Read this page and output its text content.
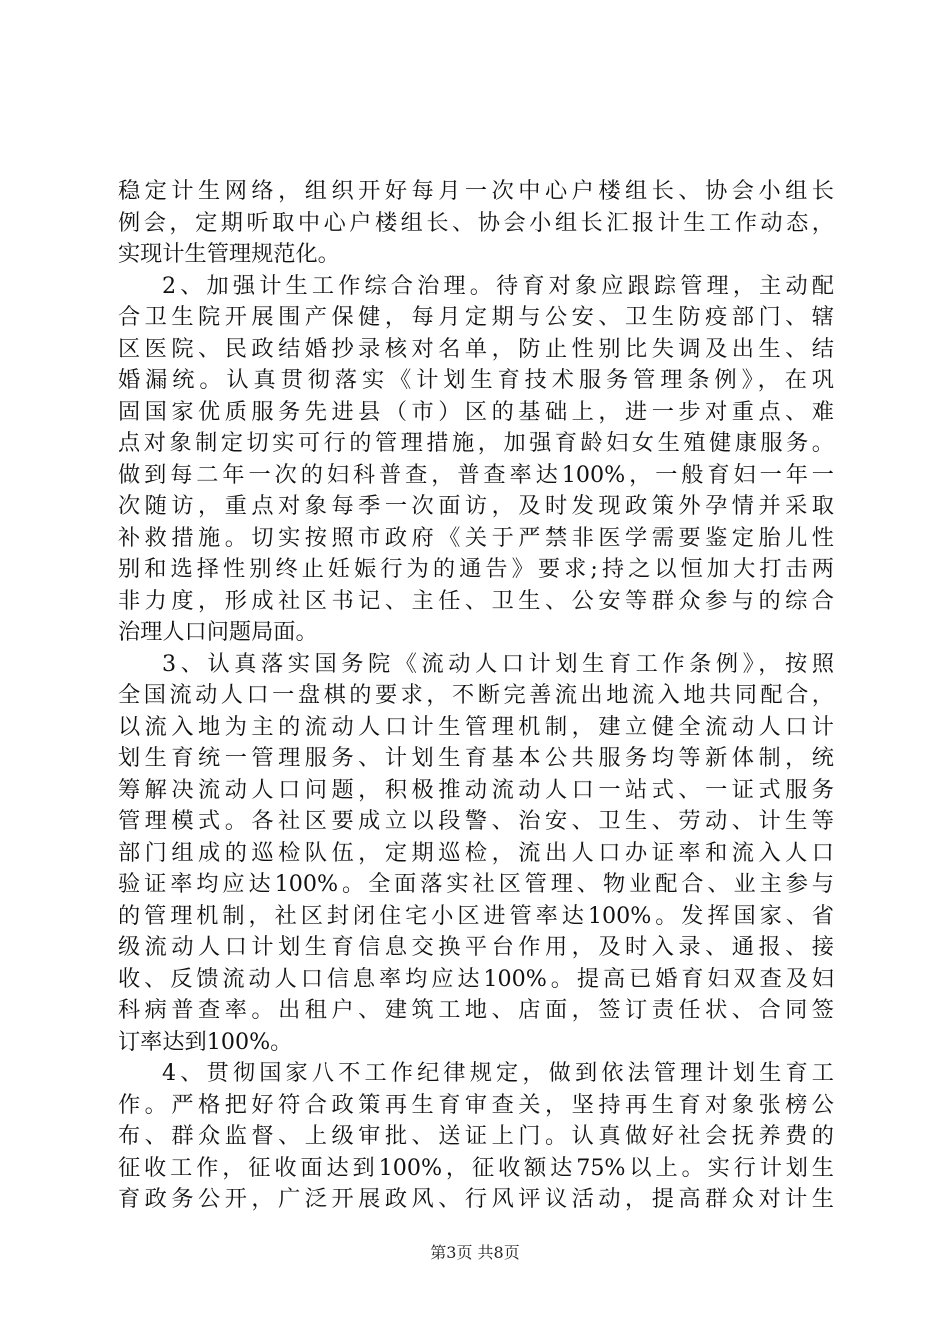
稳定计生网络，组织开好每月一次中心户楼组长、协会小组长
例会，定期听取中心户楼组长、协会小组长汇报计生工作动态，
实现计生管理规范化。
2、加强计生工作综合治理。待育对象应跟踪管理，主动配
合卫生院开展围产保健，每月定期与公安、卫生防疫部门、辖
区医院、民政结婚抄录核对名单，防止性别比失调及出生、结
婚漏统。认真贯彻落实《计划生育技术服务管理条例》，在巩
固国家优质服务先进县（市）区的基础上，进一步对重点、难
点对象制定切实可行的管理措施，加强育龄妇女生殖健康服务。
做到每二年一次的妇科普查，普查率达100%，一般育妇一年一
次随访，重点对象每季一次面访，及时发现政策外孕情并采取
补救措施。切实按照市政府《关于严禁非医学需要鉴定胎儿性
别和选择性别终止妊娠行为的通告》要求;持之以恒加大打击两
非力度，形成社区书记、主任、卫生、公安等群众参与的综合
治理人口问题局面。
3、认真落实国务院《流动人口计划生育工作条例》，按照
全国流动人口一盘棋的要求，不断完善流出地流入地共同配合，
以流入地为主的流动人口计生管理机制，建立健全流动人口计
划生育统一管理服务、计划生育基本公共服务均等新体制，统
筹解决流动人口问题，积极推动流动人口一站式、一证式服务
管理模式。各社区要成立以段警、治安、卫生、劳动、计生等
部门组成的巡检队伍，定期巡检，流出人口办证率和流入人口
验证率均应达100%。全面落实社区管理、物业配合、业主参与
的管理机制，社区封闭住宅小区进管率达100%。发挥国家、省
级流动人口计划生育信息交换平台作用，及时入录、通报、接
收、反馈流动人口信息率均应达100%。提高已婚育妇双查及妇
科病普查率。出租户、建筑工地、店面，签订责任状、合同签
订率达到100%。
4、贯彻国家八不工作纪律规定，做到依法管理计划生育工
作。严格把好符合政策再生育审查关，坚持再生育对象张榜公
布、群众监督、上级审批、送证上门。认真做好社会抚养费的
征收工作，征收面达到100%，征收额达75%以上。实行计划生
育政务公开，广泛开展政风、行风评议活动，提高群众对计生
第3页 共8页
